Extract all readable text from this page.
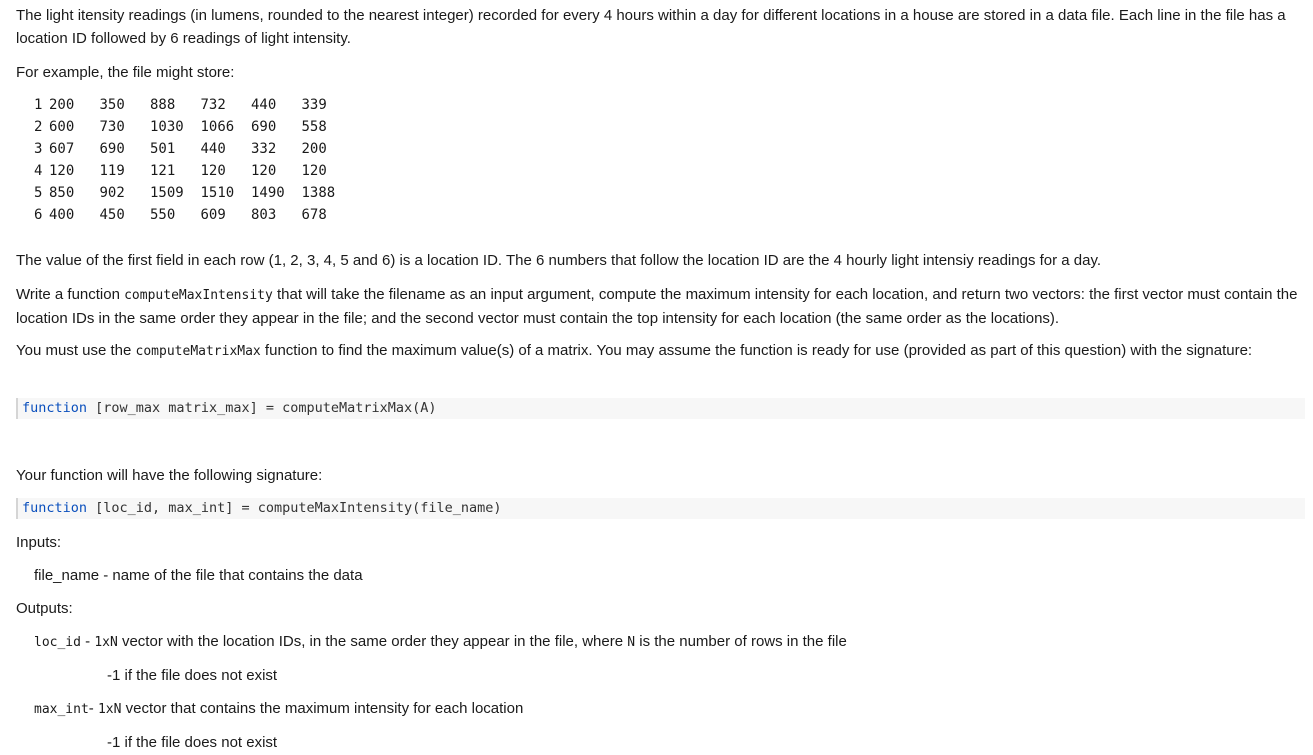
The light itensity readings (in lumens, rounded to the nearest integer) recorded for every 4 hours within a day for different locations in a house are stored in a data file. Each line in the file has a location ID followed by 6 readings of light intensity.

For example, the file might store:

1	200	350	888	732	440	339
2	600	730	1030	1066	690	558
3	607	690	501	440	332	200
4	120	119	121	120	120	120
5	850	902	1509	1510	1490	1388
6	400	450	550	609	803	678

The value of the first field in each row (1, 2, 3, 4, 5 and 6) is a location ID. The 6 numbers that follow the location ID are the 4 hourly light intensiy readings for a day.

Write a function computeMaxIntensity that will take the filename as an input argument, compute the maximum intensity for each location, and return two vectors: the first vector must contain the location IDs in the same order they appear in the file; and the second vector must contain the top intensity for each location (the same order as the locations).

You must use the computeMatrixMax function to find the maximum value(s) of a matrix. You may assume the function is ready for use (provided as part of this question) with the signature:

function [row_max matrix_max] = computeMatrixMax(A)

Your function will have the following signature:

function [loc_id, max_int] = computeMaxIntensity(file_name)
Inputs:
file_name - name of the file that contains the data
Outputs:
loc_id - 1xN vector with the location IDs, in the same order they appear in the file, where N is the number of rows in the file
-1 if the file does not exist
max_int- 1xN vector that contains the maximum intensity for each location
-1 if the file does not exist
